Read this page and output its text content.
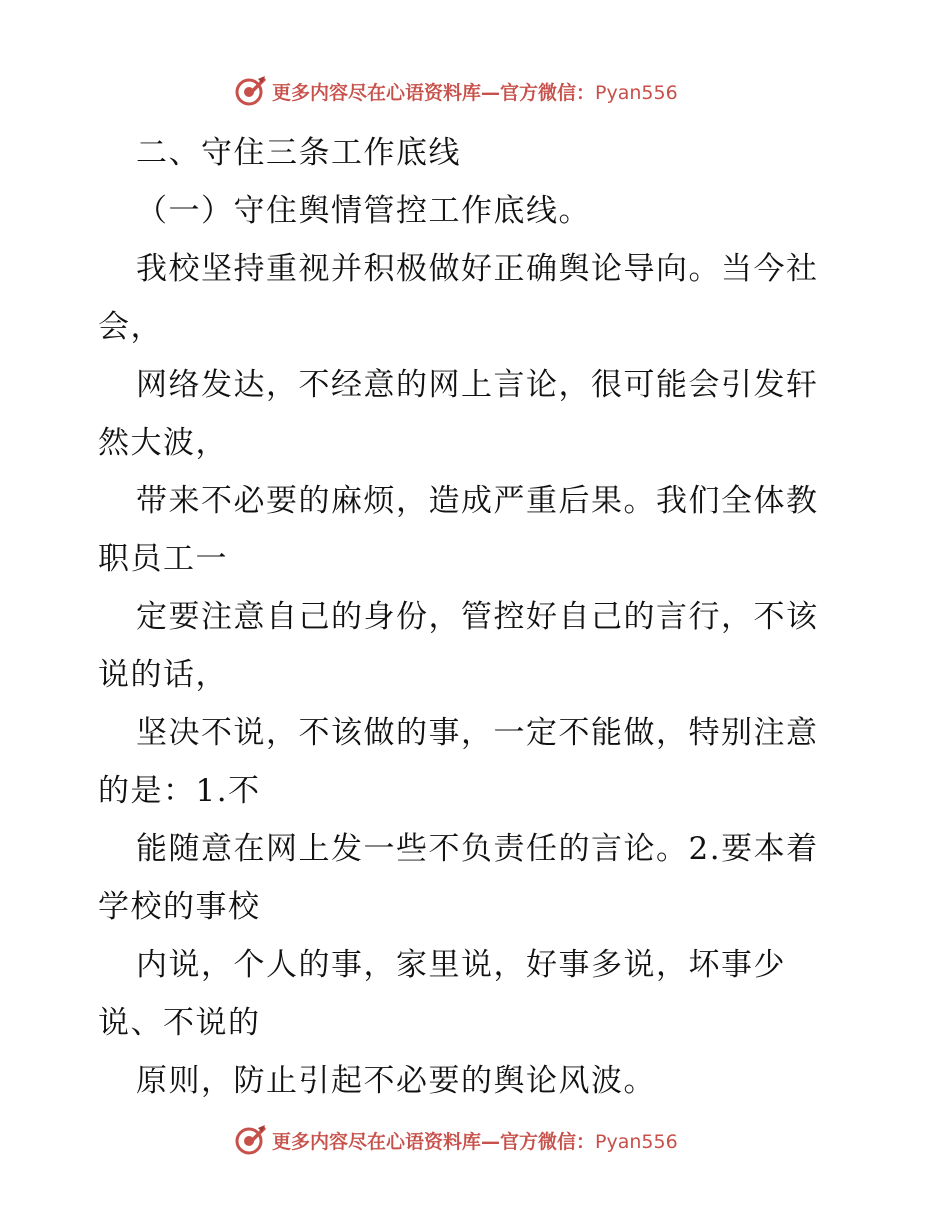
更多内容尽在心语资料库—官方微信：Pyan556
二、守住三条工作底线
（一）守住舆情管控工作底线。
我校坚持重视并积极做好正确舆论导向。当今社
会，
网络发达，不经意的网上言论，很可能会引发轩
然大波，
带来不必要的麻烦，造成严重后果。我们全体教
职员工一
定要注意自己的身份，管控好自己的言行，不该
说的话，
坚决不说，不该做的事，一定不能做，特别注意
的是：1.不
能随意在网上发一些不负责任的言论。2.要本着
学校的事校
内说，个人的事，家里说，好事多说，坏事少
说、不说的
原则，防止引起不必要的舆论风波。
更多内容尽在心语资料库—官方微信：Pyan556
